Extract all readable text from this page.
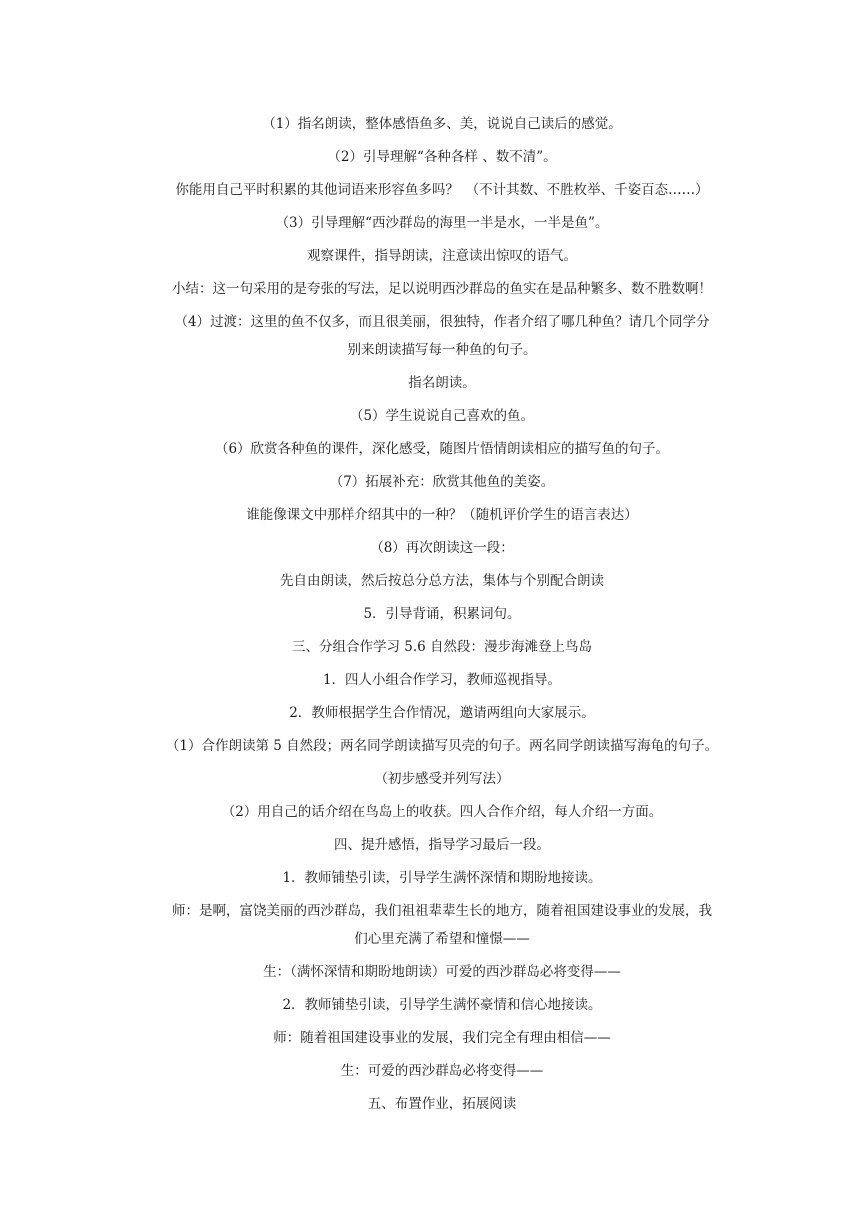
（1）指名朗读，整体感悟鱼多、美，说说自己读后的感觉。
（2）引导理解“各种各样 、数不清”。
你能用自己平时积累的其他词语来形容鱼多吗？　（不计其数、不胜枚举、千姿百态……）
（3）引导理解“西沙群岛的海里一半是水，一半是鱼”。
观察课件，指导朗读，注意读出惊叹的语气。
小结：这一句采用的是夸张的写法，足以说明西沙群岛的鱼实在是品种繁多、数不胜数啊！
（4）过渡：这里的鱼不仅多，而且很美丽，很独特，作者介绍了哪几种鱼？请几个同学分
别来朗读描写每一种鱼的句子。
指名朗读。
（5）学生说说自己喜欢的鱼。
（6）欣赏各种鱼的课件，深化感受，随图片悟情朗读相应的描写鱼的句子。
（7）拓展补充：欣赏其他鱼的美姿。
谁能像课文中那样介绍其中的一种？（随机评价学生的语言表达）
（8）再次朗读这一段：
先自由朗读，然后按总分总方法，集体与个别配合朗读
5．引导背诵，积累词句。
三、分组合作学习 5.6 自然段：漫步海滩登上鸟岛
1．四人小组合作学习，教师巡视指导。
2．教师根据学生合作情况，邀请两组向大家展示。
（1）合作朗读第 5 自然段；两名同学朗读描写贝壳的句子。两名同学朗读描写海龟的句子。
（初步感受并列写法）
（2）用自己的话介绍在鸟岛上的收获。四人合作介绍，每人介绍一方面。
四、提升感悟，指导学习最后一段。
1．教师铺垫引读，引导学生满怀深情和期盼地接读。
师：是啊，富饶美丽的西沙群岛，我们祖祖辈辈生长的地方，随着祖国建设事业的发展，我
们心里充满了希望和憧憬——
生：（满怀深情和期盼地朗读）可爱的西沙群岛必将变得——
2．教师铺垫引读，引导学生满怀豪情和信心地接读。
师：随着祖国建设事业的发展，我们完全有理由相信——
生：可爱的西沙群岛必将变得——
五、布置作业，拓展阅读
